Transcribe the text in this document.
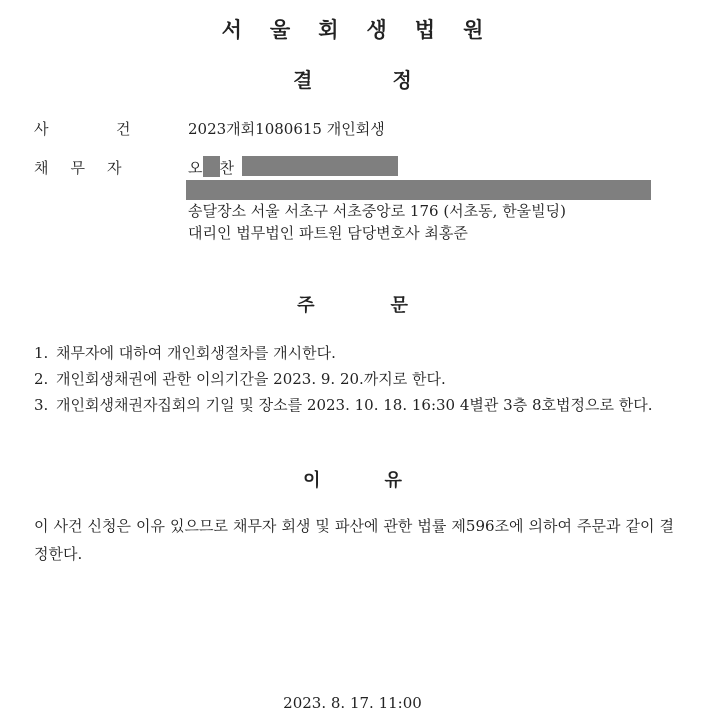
서울회생법원
결정
사	건	2023개회1080615 개인회생
채무자	오 찬
송달장소 서울 서초구 서초중앙로 176 (서초동, 한울빌딩)
대리인 법무법인 파트원 담당변호사 최홍준
주문
1. 채무자에 대하여 개인회생절차를 개시한다.
2. 개인회생채권에 관한 이의기간을 2023. 9. 20.까지로 한다.
3. 개인회생채권자집회의 기일 및 장소를 2023. 10. 18. 16:30 4별관 3층 8호법정으로 한다.
이유
이 사건 신청은 이유 있으므로 채무자 회생 및 파산에 관한 법률 제596조에 의하여 주문과 같이 결정한다.
2023. 8. 17. 11:00
